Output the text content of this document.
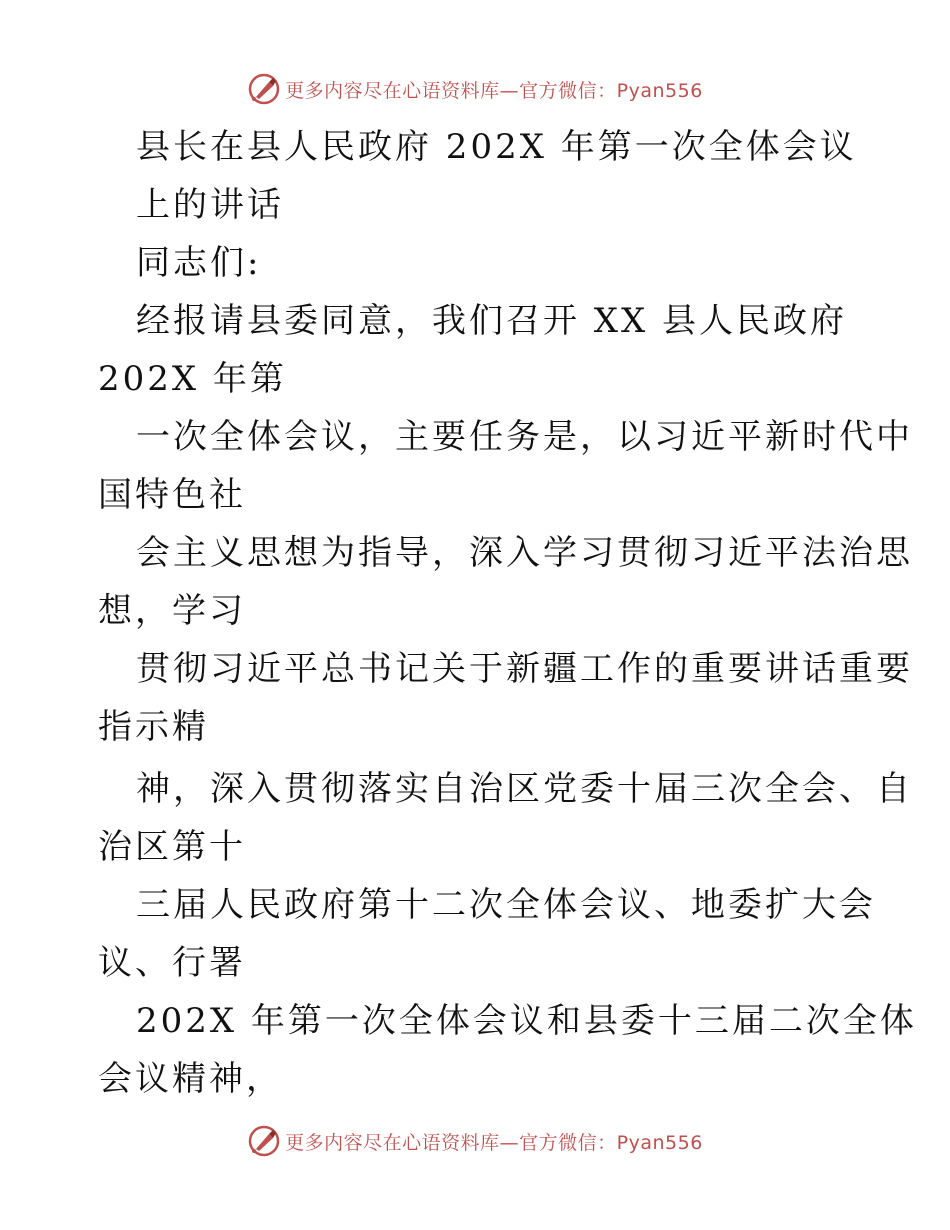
更多内容尽在心语资料库—官方微信：Pyan556
县长在县人民政府 202X 年第一次全体会议
上的讲话
同志们:
经报请县委同意，我们召开 XX 县人民政府
202X 年第
一次全体会议，主要任务是，以习近平新时代中
国特色社
会主义思想为指导，深入学习贯彻习近平法治思
想，学习
贯彻习近平总书记关于新疆工作的重要讲话重要
指示精
神，深入贯彻落实自治区党委十届三次全会、自
治区第十
三届人民政府第十二次全体会议、地委扩大会
议、行署
202X 年第一次全体会议和县委十三届二次全体
会议精神，
更多内容尽在心语资料库—官方微信：Pyan556
